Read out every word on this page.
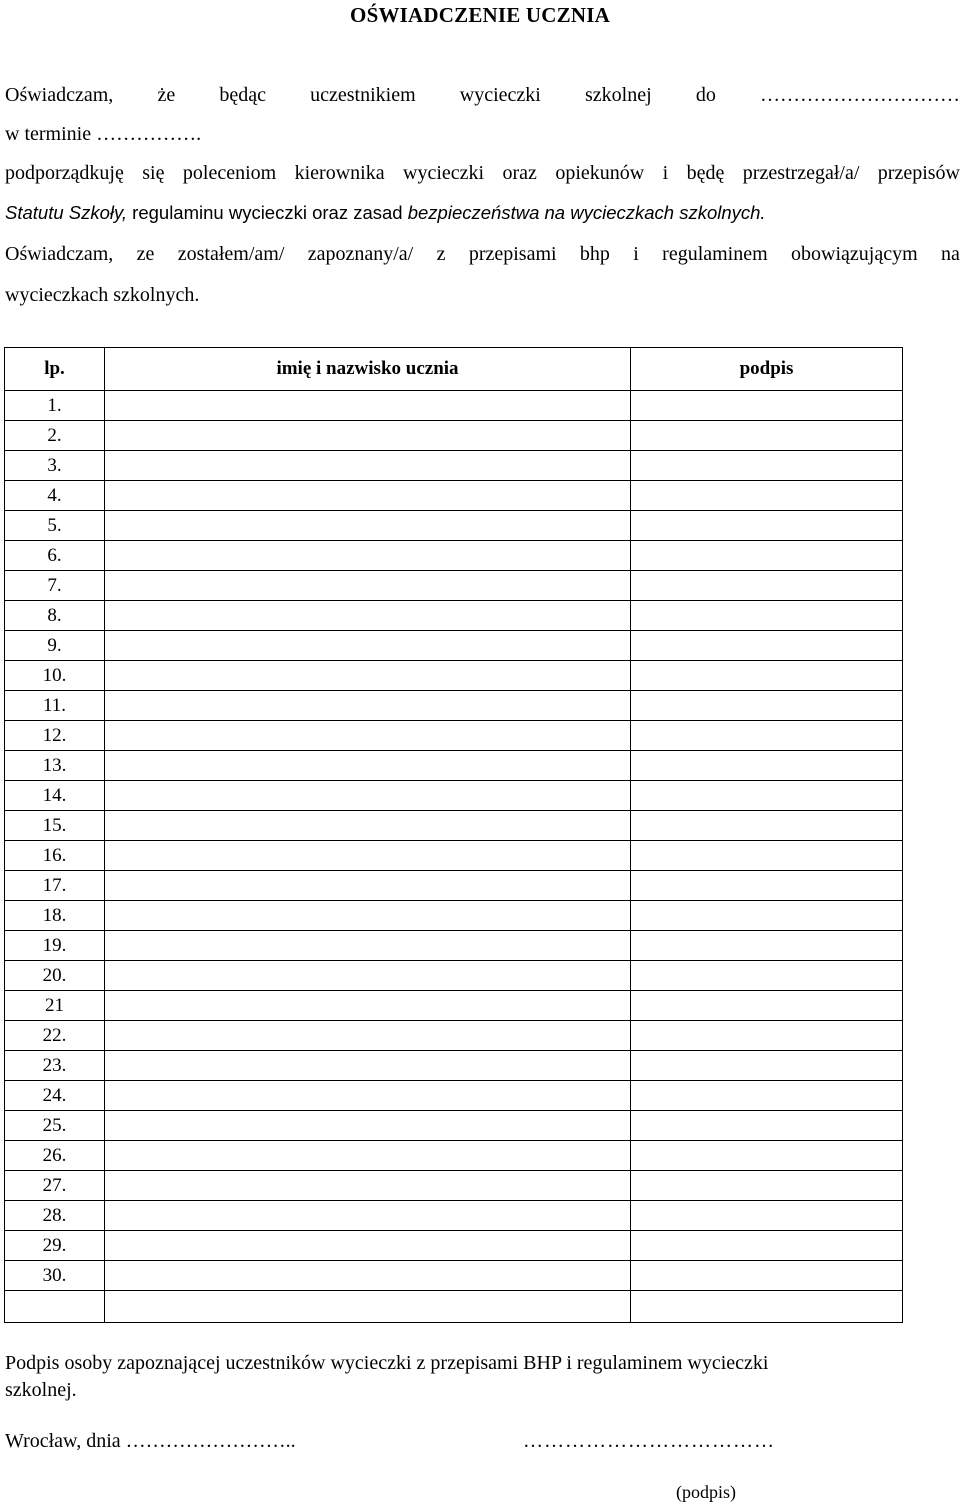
OŚWIADCZENIE UCZNIA
Oświadczam, że będąc uczestnikiem wycieczki szkolnej do …………………………
w terminie …………….
podporządkuję się poleceniom kierownika wycieczki oraz opiekunów i będę przestrzegał/a/ przepisów
Statutu Szkoły, regulaminu wycieczki oraz zasad bezpieczeństwa na wycieczkach szkolnych.
Oświadczam, ze zostałem/am/ zapoznany/a/ z przepisami bhp i regulaminem obowiązującym na
wycieczkach szkolnych.
lp.	imię i nazwisko ucznia	podpis
1.		
2.		
3.		
4.		
5.		
6.		
7.		
8.		
9.		
10.		
11.		
12.		
13.		
14.		
15.		
16.		
17.		
18.		
19.		
20.		
21		
22.		
23.		
24.		
25.		
26.		
27.		
28.		
29.		
30.		

Podpis osoby zapoznającej uczestników wycieczki z przepisami BHP i regulaminem wycieczki szkolnej.
Wrocław, dnia ……………………..	………………………………
(podpis)
